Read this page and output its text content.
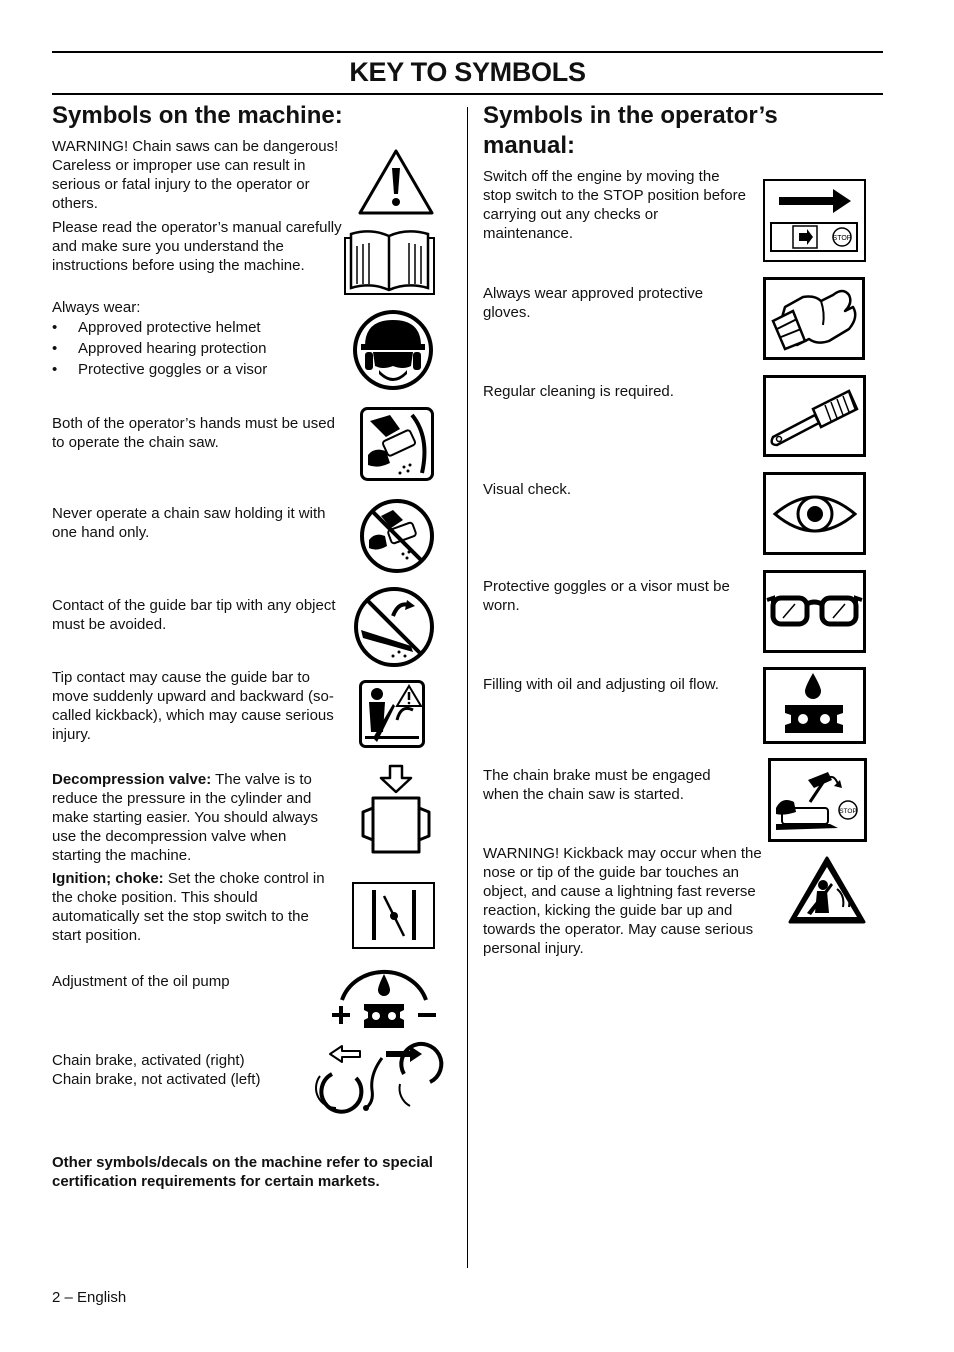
KEY TO SYMBOLS
Symbols on the machine:

WARNING! Chain saws can be dangerous! Careless or improper use can result in serious or fatal injury to the operator or others.

Please read the operator’s manual carefully and make sure you understand the instructions before using the machine.

Always wear:

• Approved protective helmet
• Approved hearing protection
• Protective goggles or a visor

Both of the operator’s hands must be used to operate the chain saw.

Never operate a chain saw holding it with one hand only.

Contact of the guide bar tip with any object must be avoided.

Tip contact may cause the guide bar to move suddenly upward and backward (so-called kickback), which may cause serious injury.

Decompression valve: The valve is to reduce the pressure in the cylinder and make starting easier. You should always use the decompression valve when starting the machine.

Ignition; choke: Set the choke control in the choke position. This should automatically set the stop switch to the start position.

Adjustment of the oil pump

Chain brake, activated (right)

Chain brake, not activated (left)

Other symbols/decals on the machine refer to special certification requirements for certain markets.

Symbols in the operator’s manual:

Switch off the engine by moving the stop switch to the STOP position before carrying out any checks or maintenance.	STOP

Always wear approved protective gloves.

Regular cleaning is required.

Visual check.

Protective goggles or a visor must be worn.

Filling with oil and adjusting oil flow.

The chain brake must be engaged when the chain saw is started.

STOP

WARNING! Kickback may occur when the nose or tip of the guide bar touches an object, and cause a lightning fast reverse reaction, kicking the guide bar up and towards the operator. May cause serious personal injury.

2 – English
